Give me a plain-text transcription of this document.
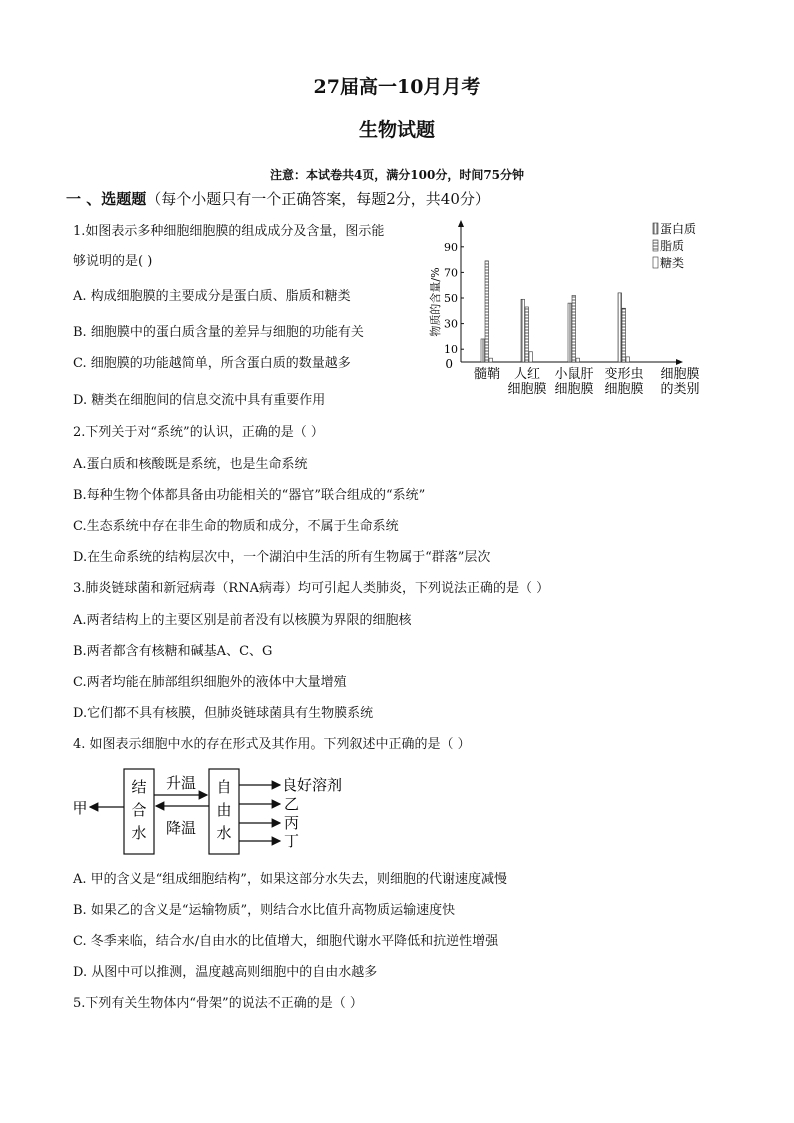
27届高一10月月考
生物试题
注意：本试卷共4页，满分100分，时间75分钟
一 、选题题（每个小题只有一个正确答案，每题2分，共40分）
1.如图表示多种细胞细胞膜的组成成分及含量，图示能
够说明的是( )
A. 构成细胞膜的主要成分是蛋白质、脂质和糖类
B. 细胞膜中的蛋白质含量的差异与细胞的功能有关
C. 细胞膜的功能越简单，所含蛋白质的数量越多
D. 糖类在细胞间的信息交流中具有重要作用
物质的含量/%
10
30
50
70
90
0
髓鞘 人红
细胞膜
小鼠肝
细胞膜
变形虫
细胞膜
细胞膜
的类别
蛋白质
脂质
糖类
2.下列关于对“系统”的认识，正确的是（ ）
A.蛋白质和核酸既是系统，也是生命系统
B.每种生物个体都具备由功能相关的“器官”联合组成的“系统”
C.生态系统中存在非生命的物质和成分，不属于生命系统
D.在生命系统的结构层次中，一个湖泊中生活的所有生物属于“群落”层次
3.肺炎链球菌和新冠病毒（RNA病毒）均可引起人类肺炎，下列说法正确的是（ ）
A.两者结构上的主要区别是前者没有以核膜为界限的细胞核
B.两者都含有核糖和碱基A、C、G
C.两者均能在肺部组织细胞外的液体中大量增殖
D.它们都不具有核膜，但肺炎链球菌具有生物膜系统
4. 如图表示细胞中水的存在形式及其作用。下列叙述中正确的是（ ）
结
合
水
自
由
水
升温
降温
甲
良好溶剂
乙
丙
丁
A. 甲的含义是“组成细胞结构”，如果这部分水失去，则细胞的代谢速度减慢
B. 如果乙的含义是“运输物质”，则结合水比值升高物质运输速度快
C. 冬季来临，结合水/自由水的比值增大，细胞代谢水平降低和抗逆性增强
D. 从图中可以推测，温度越高则细胞中的自由水越多
5.下列有关生物体内“骨架”的说法不正确的是（ ）
